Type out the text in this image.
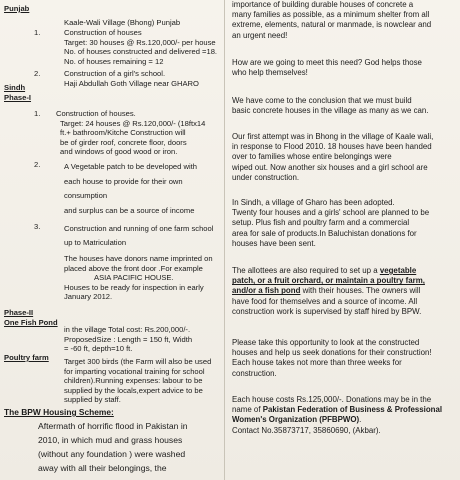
Punjab
Kaale-Wali Village (Bhong) Punjab
1.	Construction of houses

Target: 30 houses @ Rs.120,000/- per house

No. of houses constructed and delivered =18.

No. of houses remaining = 12

2.	Construction of a girl's school.

Haji Abdullah Goth Village near GHARO

Sindh

Phase-I

1. Construction of houses.

Target: 24 houses @ Rs.120,000/- (18ftx14

ft.+ bathroom/Kitche Construction will

be of girder roof, concrete floor, doors

and windows of good wood or iron.

2.	A Vegetable patch to be developed with

each house to provide for their own

consumption

and surplus can be a source of income

3.	Construction and running of one farm school

up to Matriculation

The houses have donors name imprinted on

placed above the front door .For example

ASIA PACIFIC HOUSE.

Houses to be ready for inspection in early

January 2012.

Phase-II

One Fish Pond

in the village Total cost: Rs.200,000/-.

ProposedSize : Length = 150 ft, Width

= -60 ft, depth=10 ft.

Poultry farm Target 300 birds (the Farm will also be used

for imparting vocational training for school

children).Running expenses: labour to be

supplied by the locals,expert advice to be

supplied by staff.

The BPW Housing Scheme:

Aftermath of horrific flood in Pakistan in

2010, in which mud and grass houses

(without any foundation ) were washed

away with all their belongings, the

importance of building durable houses of concrete a

many families as possible, as a minimum shelter from all

extreme, elements, natural or manmade, is nowclear and

an urgent need!

How are we going to meet this need? God helps those

who help themselves!

We have come to the conclusion that we must build

basic concrete houses in the village as many as we can.

Our first attempt was in Bhong in the village of Kaale wali,

in response to Flood 2010. 18 houses have been handed

over to families whose entire belongings were

wiped out. Now another six houses and a girl school are

under construction.

In Sindh, a village of Gharo has been adopted.

Twenty four houses and a girls' school are planned to be

setup. Plus fish and poultry farm and a commercial

area for sale of products.In Baluchistan donations for

houses have been sent.

The allottees are also required to set up a vegetable

patch, or a fruit orchard, or maintain a poultry farm,

and/or a fish pond with their houses. The owners will

have food for themselves and a source of income. All

construction work is supervised by staff hired by BPW.

Please take this opportunity to look at the constructed

houses and help us seek donations for their construction!

Each house takes not more than three weeks for

construction.

Each house costs Rs.125,000/-. Donations may be in the

name of Pakistan Federation of Business & Professional

Women's Organization (PFBPWO).

Contact No.35873717, 35860690, (Akbar).
